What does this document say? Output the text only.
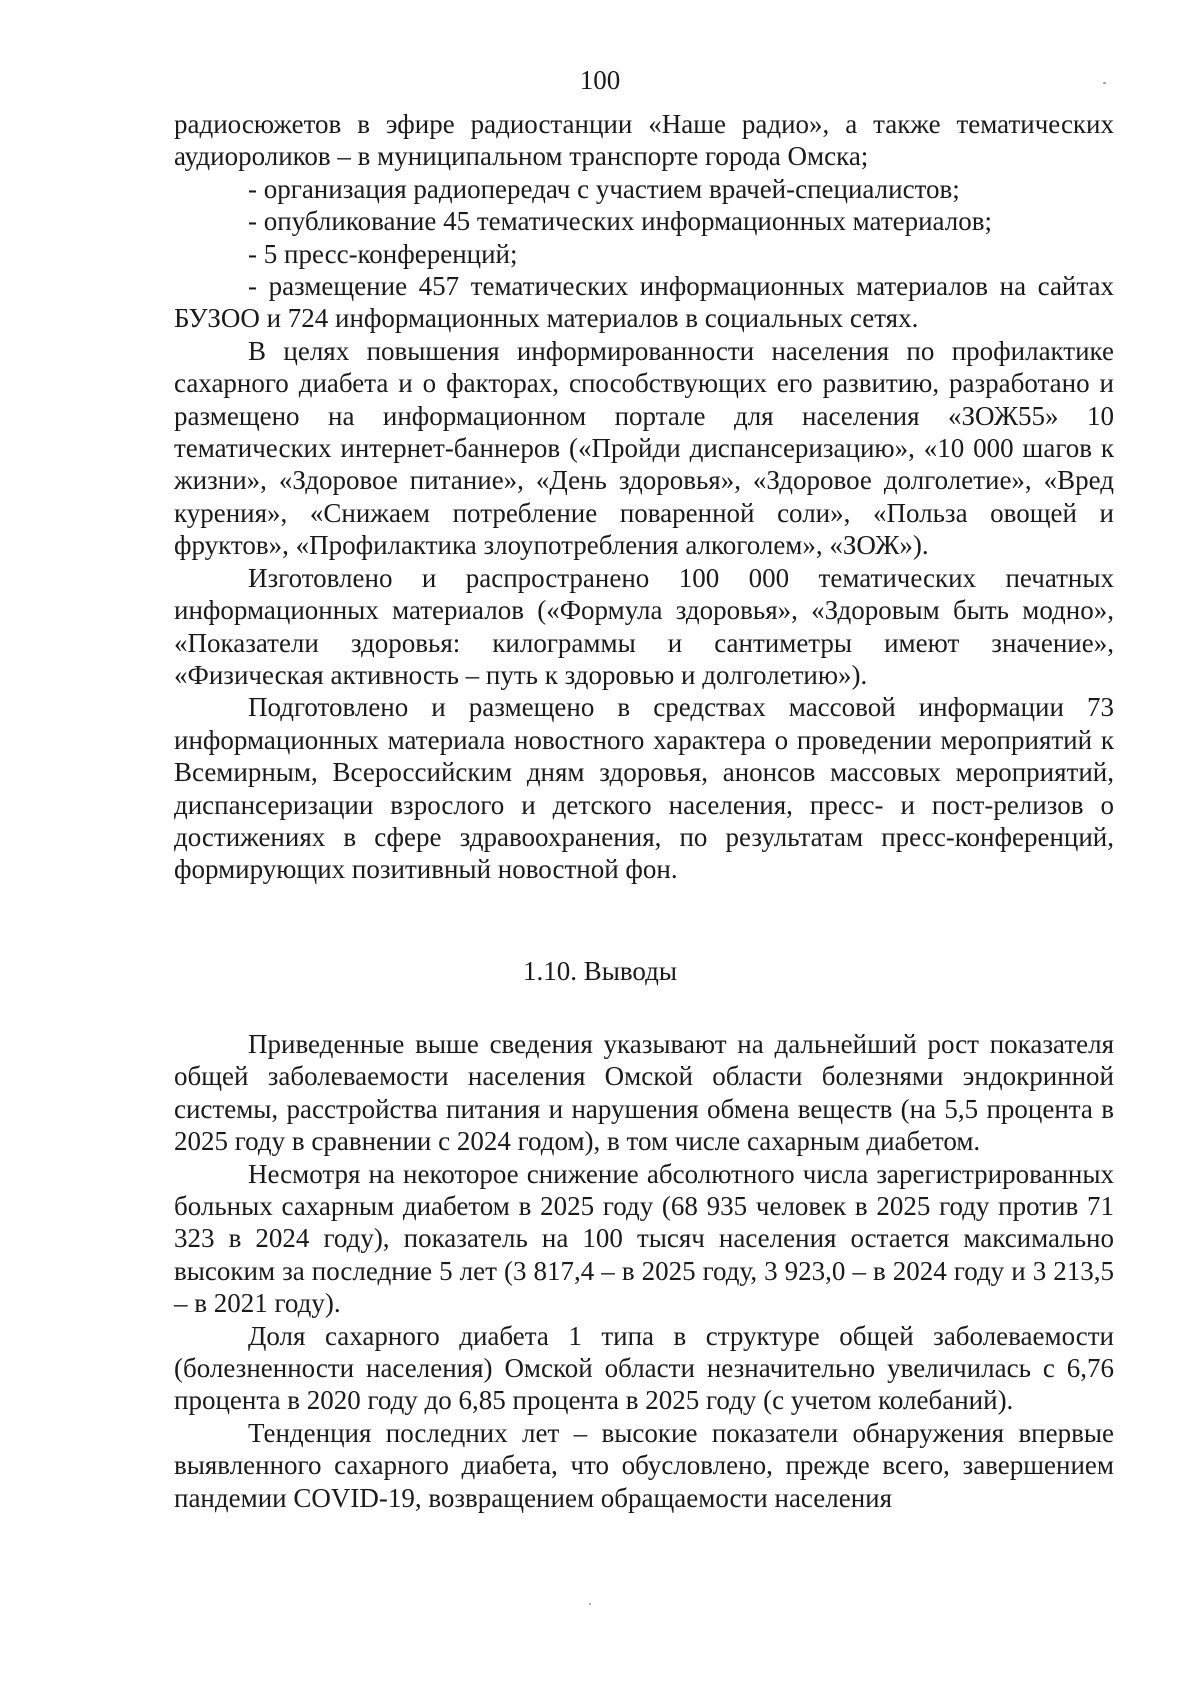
100

радиосюжетов в эфире радиостанции «Наше радио», а также тематических аудиороликов – в муниципальном транспорте города Омска;

- организация радиопередач с участием врачей-специалистов;

- опубликование 45 тематических информационных материалов;

- 5 пресс-конференций;

- размещение 457 тематических информационных материалов на сайтах БУЗОО и 724 информационных материалов в социальных сетях.

В целях повышения информированности населения по профилактике сахарного диабета и о факторах, способствующих его развитию, разработано и размещено на информационном портале для населения «ЗОЖ55» 10 тематических интернет-баннеров («Пройди диспансеризацию», «10 000 шагов к жизни», «Здоровое питание», «День здоровья», «Здоровое долголетие», «Вред курения», «Снижаем потребление поваренной соли», «Польза овощей и фруктов», «Профилактика злоупотребления алкоголем», «ЗОЖ»).

Изготовлено и распространено 100 000 тематических печатных информационных материалов («Формула здоровья», «Здоровым быть модно», «Показатели здоровья: килограммы и сантиметры имеют значение», «Физическая активность – путь к здоровью и долголетию»).

Подготовлено и размещено в средствах массовой информации 73 информационных материала новостного характера о проведении мероприятий к Всемирным, Всероссийским дням здоровья, анонсов массовых мероприятий, диспансеризации взрослого и детского населения, пресс- и пост-релизов о достижениях в сфере здравоохранения, по результатам пресс-конференций, формирующих позитивный новостной фон.

1.10. Выводы

Приведенные выше сведения указывают на дальнейший рост показателя общей заболеваемости населения Омской области болезнями эндокринной системы, расстройства питания и нарушения обмена веществ (на 5,5 процента в 2025 году в сравнении с 2024 годом), в том числе сахарным диабетом.

Несмотря на некоторое снижение абсолютного числа зарегистрированных больных сахарным диабетом в 2025 году (68 935 человек в 2025 году против 71 323 в 2024 году), показатель на 100 тысяч населения остается максимально высоким за последние 5 лет (3 817,4 – в 2025 году, 3 923,0 – в 2024 году и 3 213,5 – в 2021 году).

Доля сахарного диабета 1 типа в структуре общей заболеваемости (болезненности населения) Омской области незначительно увеличилась с 6,76 процента в 2020 году до 6,85 процента в 2025 году (с учетом колебаний).

Тенденция последних лет – высокие показатели обнаружения впервые выявленного сахарного диабета, что обусловлено, прежде всего, завершением пандемии COVID-19, возвращением обращаемости населения
